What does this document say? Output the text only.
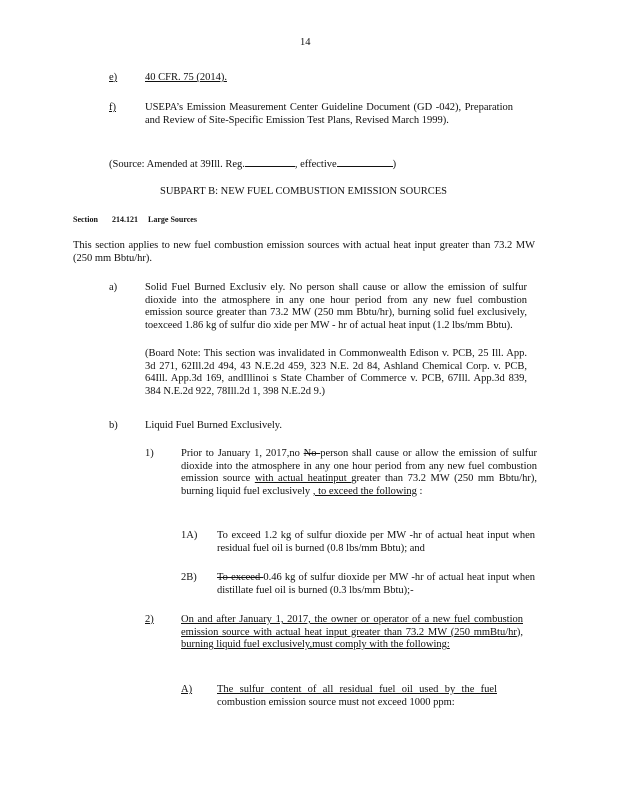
14
e)	40 CFR. 75 (2014).
f)	USEPA’s Emission Measurement Center Guideline Document (GD -042), Preparation and Review of Site-Specific Emission Test Plans, Revised March 1999).
(Source: Amended at 39Ill. Reg.	, effective	)
SUBPART B: NEW FUEL COMBUSTION EMISSION SOURCES
Section 214.121 Large Sources
This section applies to new fuel combustion emission sources with actual heat input greater than 73.2 MW (250 mm Bbtu/hr).
a)	Solid Fuel Burned Exclusiv ely. No person shall cause or allow the emission of sulfur dioxide into the atmosphere in any one hour period from any new fuel combustion emission source greater than 73.2 MW (250 mm Bbtu/hr), burning solid fuel exclusively, toexceed 1.86 kg of sulfur dio xide per MW - hr of actual heat input (1.2 lbs/mm Bbtu).
(Board Note: This section was invalidated in Commonwealth Edison v. PCB, 25 Ill. App. 3d 271, 62Ill.2d 494, 43 N.E.2d 459, 323 N.E. 2d 84, Ashland Chemical Corp. v. PCB, 64Ill. App.3d 169, andIllinoi s State Chamber of Commerce v. PCB, 67Ill. App.3d 839, 384 N.E.2d 922, 78Ill.2d 1, 398 N.E.2d 9.)
b)	Liquid Fuel Burned Exclusively.
1)	Prior to January 1, 2017,no No person shall cause or allow the emission of sulfur dioxide into the atmosphere in any one hour period from any new fuel combustion emission source with actual heatinput greater than 73.2 MW (250 mm Bbtu/hr), burning liquid fuel exclusively , to exceed the following :
1A) To exceed 1.2 kg of sulfur dioxide per MW -hr of actual heat input when residual fuel oil is burned (0.8 lbs/mm Bbtu); and
2B) To exceed 0.46 kg of sulfur dioxide per MW -hr of actual heat input when distillate fuel oil is burned (0.3 lbs/mm Bbtu);-
2)	On and after January 1, 2017, the owner or operator of a new fuel combustion emission source with actual heat input greater than 73.2 MW (250 mmBtu/hr), burning liquid fuel exclusively,must comply with the following:
A) The sulfur content of all residual fuel oil used by the fuel combustion emission source must not exceed 1000 ppm:
